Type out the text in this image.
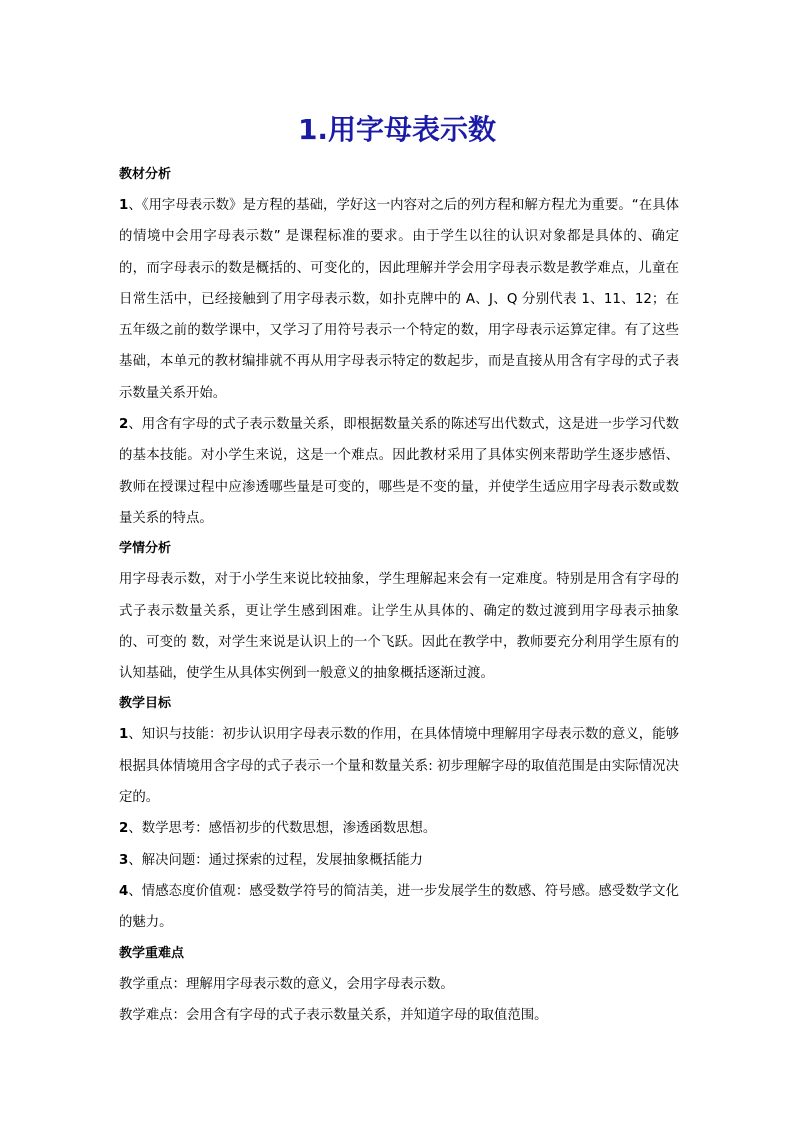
1.用字母表示数
教材分析

1、《用字母表示数》是方程的基础，学好这一内容对之后的列方程和解方程尤为重要。“在具体的情境中会用字母表示数” 是课程标准的要求。由于学生以往的认识对象都是具体的、确定的，而字母表示的数是概括的、可变化的，因此理解并学会用字母表示数是教学难点，儿童在日常生活中，已经接触到了用字母表示数，如扑克牌中的 A、J、Q 分别代表 1、11、12；在五年级之前的数学课中，又学习了用符号表示一个特定的数，用字母表示运算定律。有了这些基础，本单元的教材编排就不再从用字母表示特定的数起步，而是直接从用含有字母的式子表示数量关系开始。

2、用含有字母的式子表示数量关系，即根据数量关系的陈述写出代数式，这是进一步学习代数的基本技能。对小学生来说，这是一个难点。因此教材采用了具体实例来帮助学生逐步感悟、教师在授课过程中应渗透哪些量是可变的，哪些是不变的量，并使学生适应用字母表示数或数量关系的特点。

学情分析

用字母表示数，对于小学生来说比较抽象，学生理解起来会有一定难度。特别是用含有字母的式子表示数量关系，更让学生感到困难。让学生从具体的、确定的数过渡到用字母表示抽象的、可变的 数，对学生来说是认识上的一个飞跃。因此在教学中，教师要充分利用学生原有的认知基础，使学生从具体实例到一般意义的抽象概括逐渐过渡。

教学目标

1、知识与技能：初步认识用字母表示数的作用，在具体情境中理解用字母表示数的意义，能够根据具体情境用含字母的式子表示一个量和数量关系: 初步理解字母的取值范围是由实际情况决定的。

2、数学思考：感悟初步的代数思想，渗透函数思想。

3、解决问题：通过探索的过程，发展抽象概括能力

4、情感态度价值观：感受数学符号的简洁美，进一步发展学生的数感、符号感。感受数学文化的魅力。

教学重难点

教学重点：理解用字母表示数的意义，会用字母表示数。

教学难点：会用含有字母的式子表示数量关系，并知道字母的取值范围。
